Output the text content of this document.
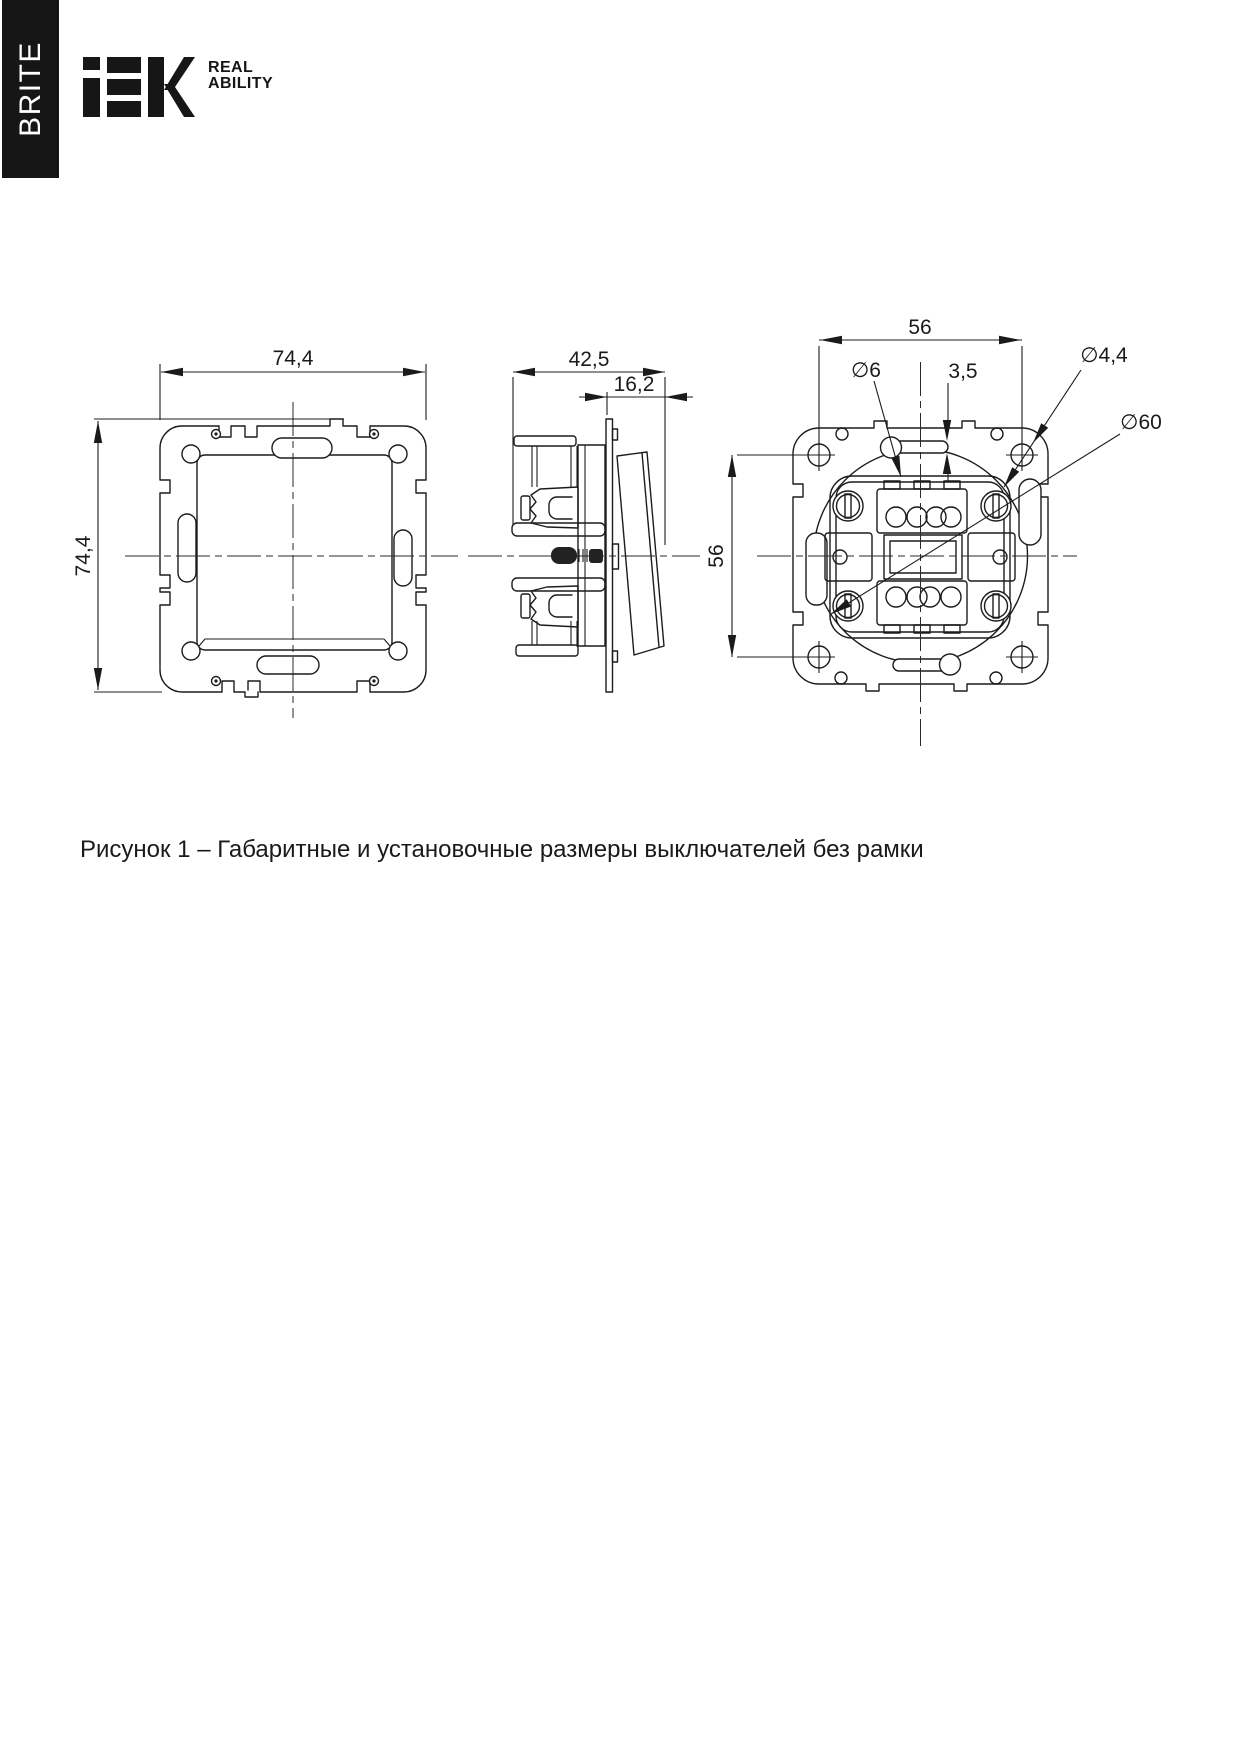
BRITE	REAL
ABILITY
74,4
74,4
42,5
16,2
56
56
∅6	3,5
∅4,4
∅60
Рисунок 1 – Габаритные и установочные размеры выключателей без рамки
